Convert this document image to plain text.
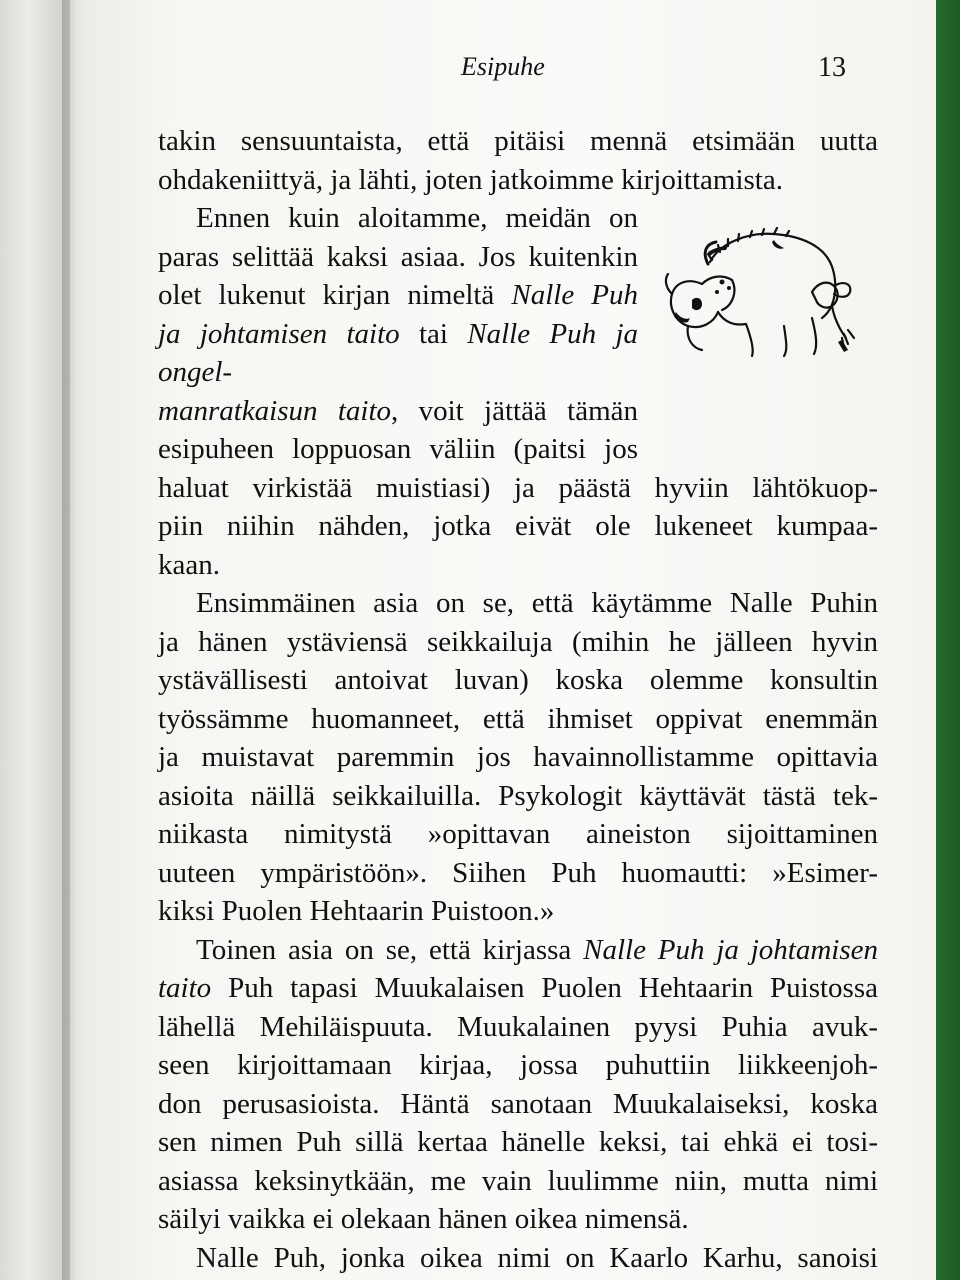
Esipuhe	13

takin sensuuntaista, että pitäisi mennä etsimään uutta

ohdakeniittyä, ja lähti, joten jatkoimme kirjoittamista.

Ennen kuin aloitamme, meidän on

paras selittää kaksi asiaa. Jos kuitenkin

olet lukenut kirjan nimeltä Nalle Puh

ja johtamisen taito tai Nalle Puh ja ongel-

manratkaisun taito, voit jättää tämän

esipuheen loppuosan väliin (paitsi jos

haluat virkistää muistiasi) ja päästä hyviin lähtökuop-

piin niihin nähden, jotka eivät ole lukeneet kumpaa-

kaan.

Ensimmäinen asia on se, että käytämme Nalle Puhin

ja hänen ystäviensä seikkailuja (mihin he jälleen hyvin

ystävällisesti antoivat luvan) koska olemme konsultin

työssämme huomanneet, että ihmiset oppivat enemmän

ja muistavat paremmin jos havainnollistamme opittavia

asioita näillä seikkailuilla. Psykologit käyttävät tästä tek-

niikasta nimitystä »opittavan aineiston sijoittaminen

uuteen ympäristöön». Siihen Puh huomautti: »Esimer-

kiksi Puolen Hehtaarin Puistoon.»

Toinen asia on se, että kirjassa Nalle Puh ja johtamisen

taito Puh tapasi Muukalaisen Puolen Hehtaarin Puistossa

lähellä Mehiläispuuta. Muukalainen pyysi Puhia avuk-

seen kirjoittamaan kirjaa, jossa puhuttiin liikkeenjoh-

don perusasioista. Häntä sanotaan Muukalaiseksi, koska

sen nimen Puh sillä kertaa hänelle keksi, tai ehkä ei tosi-

asiassa keksinytkään, me vain luulimme niin, mutta nimi

säilyi vaikka ei olekaan hänen oikea nimensä.

Nalle Puh, jonka oikea nimi on Kaarlo Karhu, sanoisi
